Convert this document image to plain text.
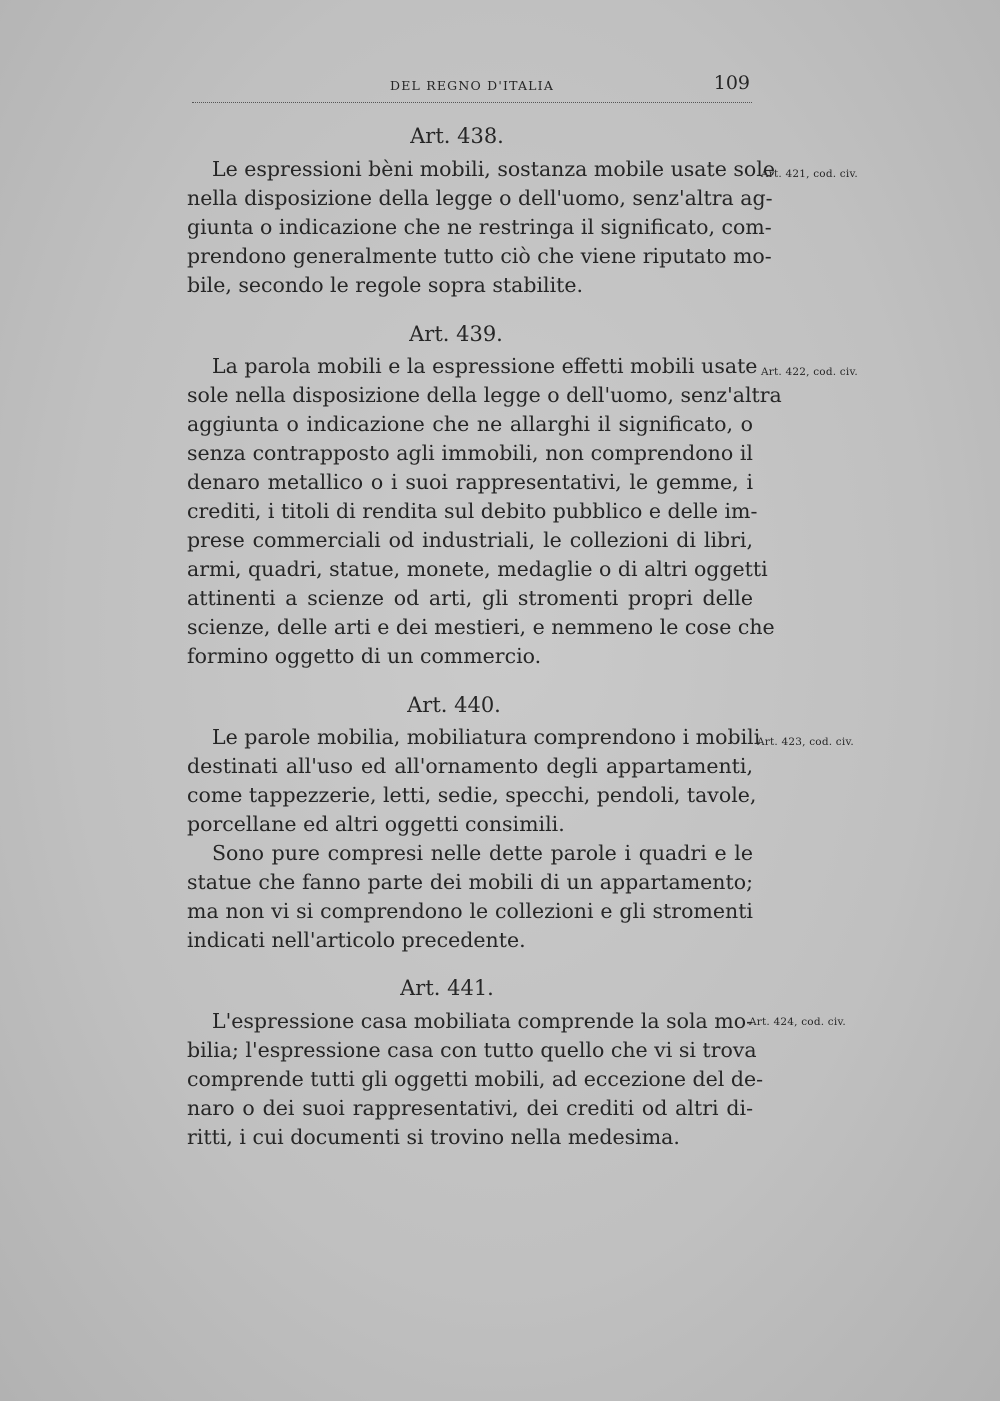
DEL REGNO D'ITALIA	109
Art. 438.
Art. 421, cod. civ.
Le espressioni bèni mobili, sostanza mobile usate sole
nella disposizione della legge o dell'uomo, senz'altra ag-
giunta o indicazione che ne restringa il significato, com-
prendono generalmente tutto ciò che viene riputato mo-
bile, secondo le regole sopra stabilite.
Art. 439.
Art. 422, cod. civ.
La parola mobili e la espressione effetti mobili usate
sole nella disposizione della legge o dell'uomo, senz'altra
aggiunta o indicazione che ne allarghi il significato, o
senza contrapposto agli immobili, non comprendono il
denaro metallico o i suoi rappresentativi, le gemme, i
crediti, i titoli di rendita sul debito pubblico e delle im-
prese commerciali od industriali, le collezioni di libri,
armi, quadri, statue, monete, medaglie o di altri oggetti
attinenti a scienze od arti, gli stromenti propri delle
scienze, delle arti e dei mestieri, e nemmeno le cose che
formino oggetto di un commercio.
Art. 440.
Art. 423, cod. civ.
Le parole mobilia, mobiliatura comprendono i mobili
destinati all'uso ed all'ornamento degli appartamenti,
come tappezzerie, letti, sedie, specchi, pendoli, tavole,
porcellane ed altri oggetti consimili.
Sono pure compresi nelle dette parole i quadri e le
statue che fanno parte dei mobili di un appartamento;
ma non vi si comprendono le collezioni e gli stromenti
indicati nell'articolo precedente.
Art. 441.
Art. 424, cod. civ.
L'espressione casa mobiliata comprende la sola mo-
bilia; l'espressione casa con tutto quello che vi si trova
comprende tutti gli oggetti mobili, ad eccezione del de-
naro o dei suoi rappresentativi, dei crediti od altri di-
ritti, i cui documenti si trovino nella medesima.
